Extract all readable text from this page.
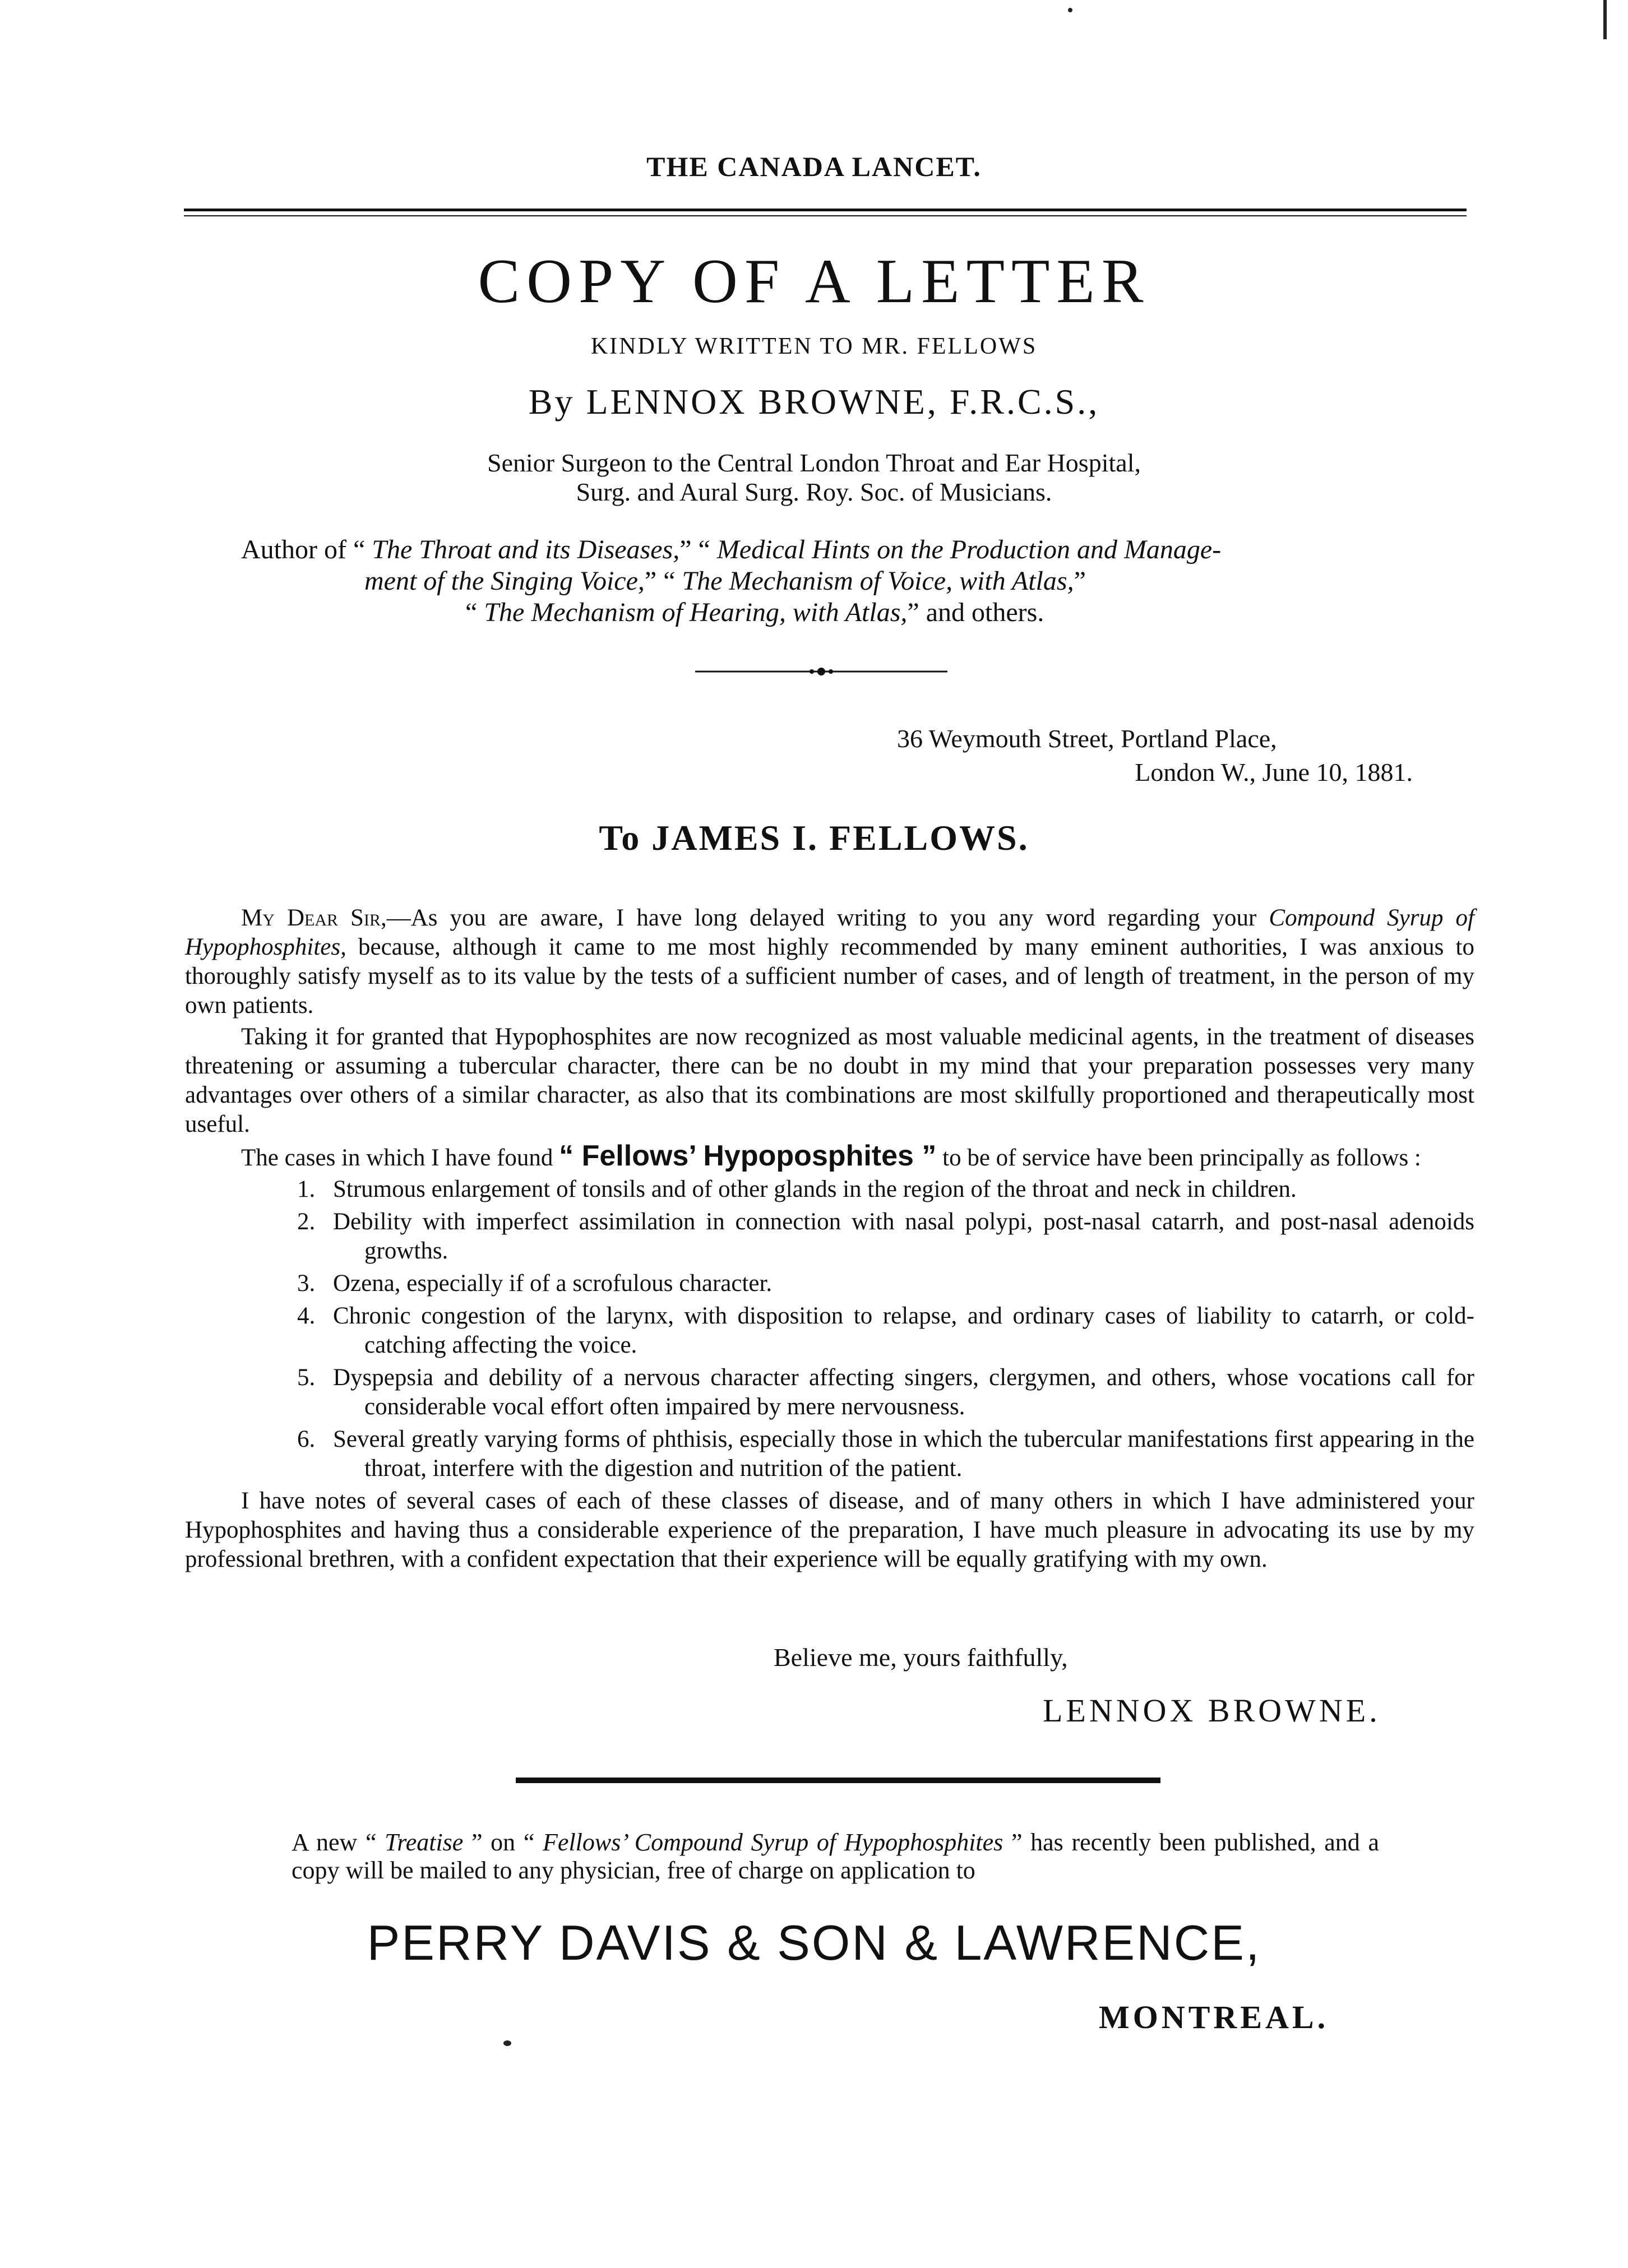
THE CANADA LANCET.
COPY OF A LETTER
KINDLY WRITTEN TO MR. FELLOWS
By LENNOX BROWNE, F.R.C.S.,
Senior Surgeon to the Central London Throat and Ear Hospital,
Surg. and Aural Surg. Roy. Soc. of Musicians.
Author of “ The Throat and its Diseases,” “ Medical Hints on the Production and Manage-
ment of the Singing Voice,” “ The Mechanism of Voice, with Atlas,”
“ The Mechanism of Hearing, with Atlas,” and others.
36 Weymouth Street, Portland Place,
London W., June 10, 1881.
To JAMES I. FELLOWS.

My Dear Sir,—As you are aware, I have long delayed writing to you any word regarding your Compound Syrup of Hypophosphites, because, although it came to me most highly recommended by many eminent authorities, I was anxious to thoroughly satisfy myself as to its value by the tests of a sufficient number of cases, and of length of treatment, in the person of my own patients.

Taking it for granted that Hypophosphites are now recognized as most valuable medicinal agents, in the treatment of diseases threatening or assuming a tubercular character, there can be no doubt in my mind that your preparation possesses very many advantages over others of a similar character, as also that its combinations are most skilfully proportioned and therapeutically most useful.

The cases in which I have found “ Fellows’ Hypoposphites ” to be of service have been principally as follows :

1. Strumous enlargement of tonsils and of other glands in the region of the throat and neck in children.
2. Debility with imperfect assimilation in connection with nasal polypi, post-nasal catarrh, and post-nasal adenoids growths.
3. Ozena, especially if of a scrofulous character.
4. Chronic congestion of the larynx, with disposition to relapse, and ordinary cases of liability to catarrh, or cold-catching affecting the voice.
5. Dyspepsia and debility of a nervous character affecting singers, clergymen, and others, whose vocations call for considerable vocal effort often impaired by mere nervousness.
6. Several greatly varying forms of phthisis, especially those in which the tubercular manifestations first appearing in the throat, interfere with the digestion and nutrition of the patient.

I have notes of several cases of each of these classes of disease, and of many others in which I have administered your Hypophosphites and having thus a considerable experience of the preparation, I have much pleasure in advocating its use by my professional brethren, with a confident expectation that their experience will be equally gratifying with my own.

Believe me, yours faithfully,
LENNOX BROWNE.
A new “ Treatise ” on “ Fellows’ Compound Syrup of Hypophosphites ” has recently been published, and a copy will be mailed to any physician, free of charge on application to
PERRY DAVIS & SON & LAWRENCE,
MONTREAL.
